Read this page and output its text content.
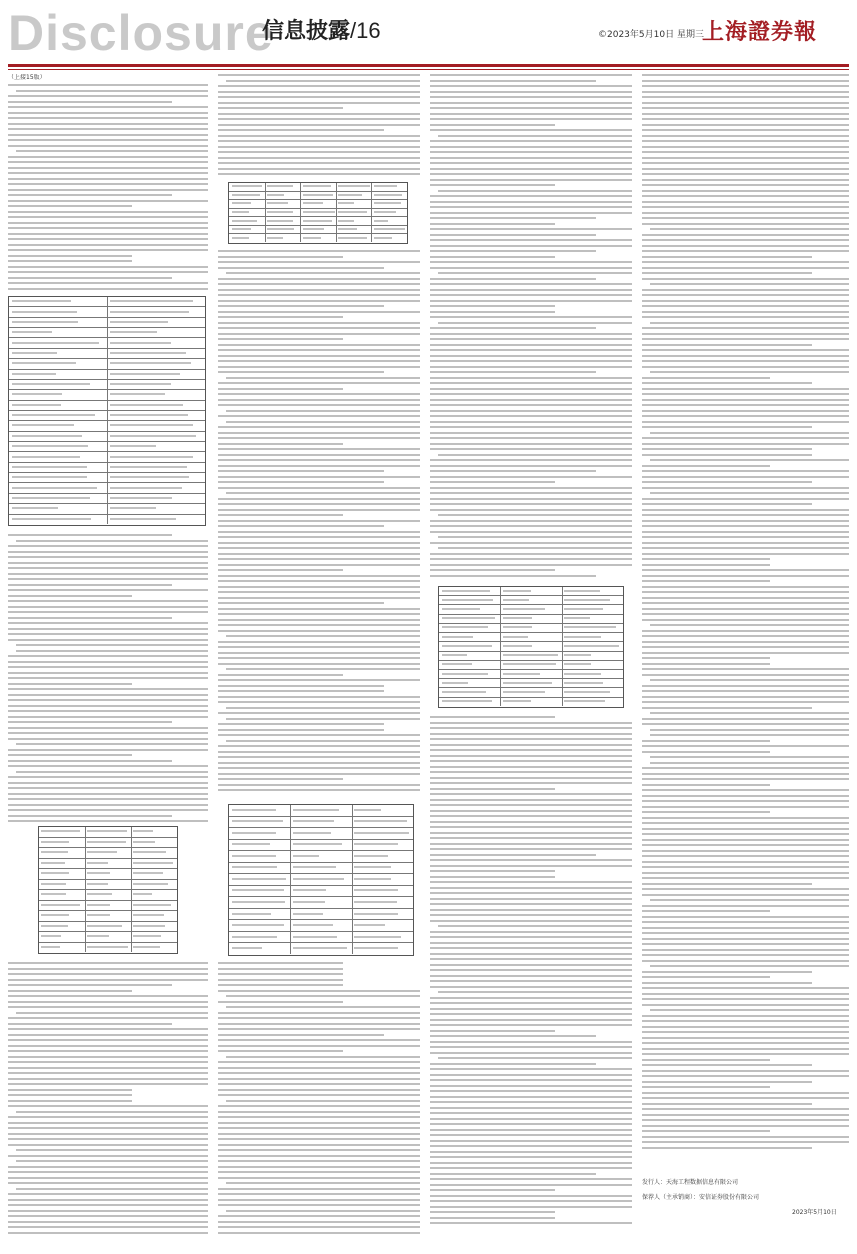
Disclosure
信息披露/16	©2023年5月10日 星期三
上海證券報
（上接15版）
发行人：天海工程数据信息有限公司
保荐人（主承销商）：安信证券股份有限公司
2023年5月10日
